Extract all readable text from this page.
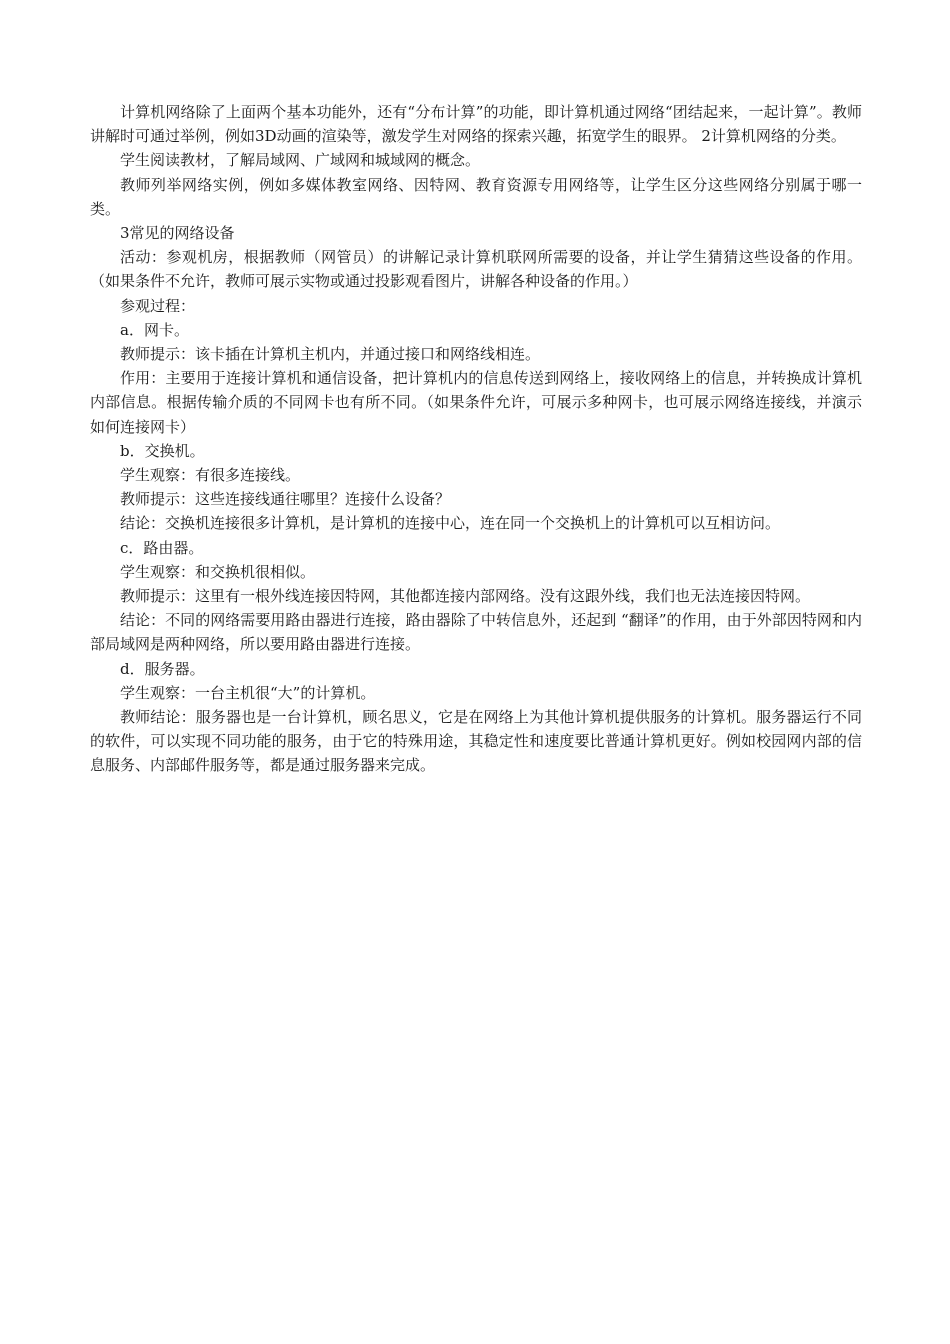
计算机网络除了上面两个基本功能外，还有“分布计算”的功能，即计算机通过网络“团结起来，一起计算”。教师讲解时可通过举例，例如3D动画的渲染等，激发学生对网络的探索兴趣，拓宽学生的眼界。 2计算机网络的分类。

学生阅读教材，了解局域网、广域网和城域网的概念。

教师列举网络实例，例如多媒体教室网络、因特网、教育资源专用网络等，让学生区分这些网络分别属于哪一类。

3常见的网络设备

活动：参观机房，根据教师（网管员）的讲解记录计算机联网所需要的设备，并让学生猜猜这些设备的作用。（如果条件不允许，教师可展示实物或通过投影观看图片，讲解各种设备的作用。）

参观过程：

a．网卡。

教师提示：该卡插在计算机主机内，并通过接口和网络线相连。

作用：主要用于连接计算机和通信设备，把计算机内的信息传送到网络上，接收网络上的信息，并转换成计算机内部信息。根据传输介质的不同网卡也有所不同。（如果条件允许，可展示多种网卡，也可展示网络连接线，并演示如何连接网卡）

b．交换机。

学生观察：有很多连接线。

教师提示：这些连接线通往哪里？连接什么设备？

结论：交换机连接很多计算机，是计算机的连接中心，连在同一个交换机上的计算机可以互相访问。

c．路由器。

学生观察：和交换机很相似。

教师提示：这里有一根外线连接因特网，其他都连接内部网络。没有这跟外线，我们也无法连接因特网。

结论：不同的网络需要用路由器进行连接，路由器除了中转信息外，还起到 “翻译”的作用，由于外部因特网和内部局域网是两种网络，所以要用路由器进行连接。

d．服务器。

学生观察：一台主机很“大”的计算机。

教师结论：服务器也是一台计算机，顾名思义，它是在网络上为其他计算机提供服务的计算机。服务器运行不同的软件，可以实现不同功能的服务，由于它的特殊用途，其稳定性和速度要比普通计算机更好。例如校园网内部的信息服务、内部邮件服务等，都是通过服务器来完成。
